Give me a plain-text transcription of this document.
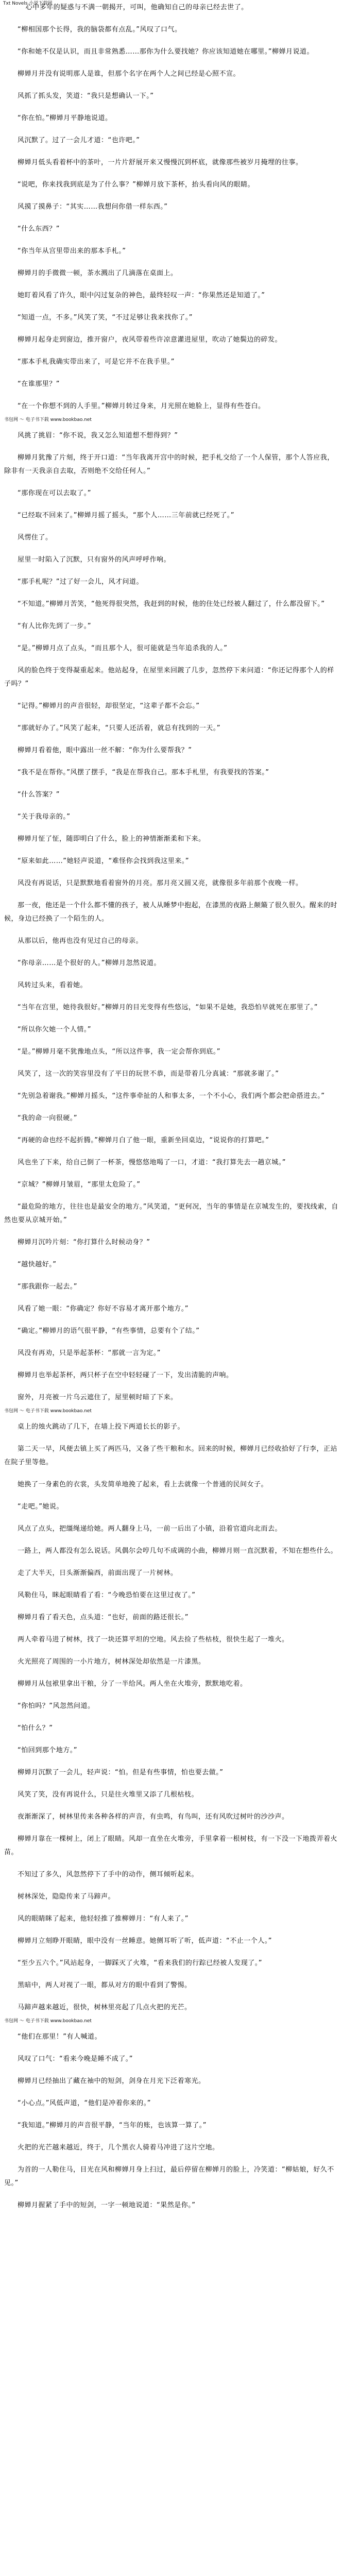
Txt Novels 小说下载网

心中多年的疑惑与不满一朝揭开，可叫，他确知自己的母亲已经去世了。

“柳相国那个长得，我的脑袋都有点乱。”风叹了口气。

“你和她不仅是认识，而且非常熟悉……那你为什么要找她？你应该知道她在哪里。”柳婵月说道。

柳婵月并没有说明那人是谁，但那个名字在两个人之间已经是心照不宣。

风抓了抓头发，笑道：“我只是想确认一下。”

“你在怕。”柳婵月平静地说道。

风沉默了。过了一会儿才道：“也许吧。”

柳婵月低头看着杯中的茶叶，一片片舒展开来又慢慢沉到杯底，就像那些被岁月掩埋的往事。

“说吧，你来找我到底是为了什么事？”柳婵月放下茶杯，抬头看向风的眼睛。

风摸了摸鼻子：“其实……我想问你借一样东西。”

“什么东西？”

“你当年从宫里带出来的那本手札。”

柳婵月的手微微一顿，茶水溅出了几滴落在桌面上。

她盯着风看了许久，眼中闪过复杂的神色，最终轻叹一声：“你果然还是知道了。”

“知道一点，不多。”风笑了笑，“不过足够让我来找你了。”

柳婵月起身走到窗边，推开窗户，夜风带着些许凉意灌进屋里，吹动了她鬓边的碎发。

“那本手札我确实带出来了，可是它并不在我手里。”

“在谁那里？”

“在一个你想不到的人手里。”柳婵月转过身来，月光照在她脸上，显得有些苍白。

书包网 ～ 电子书下载 www.bookbao.net

风挑了挑眉：“你不说，我又怎么知道想不想得到？”

柳婵月犹豫了片刻，终于开口道：“当年我离开宫中的时候，把手札交给了一个人保管，那个人答应我，除非有一天我亲自去取，否则绝不交给任何人。”

“那你现在可以去取了。”

“已经取不回来了。”柳婵月摇了摇头，“那个人……三年前就已经死了。”

风愣住了。

屋里一时陷入了沉默，只有窗外的风声呼呼作响。

“那手札呢？”过了好一会儿，风才问道。

“不知道。”柳婵月苦笑，“他死得很突然，我赶到的时候，他的住处已经被人翻过了，什么都没留下。”

“有人比你先到了一步。”

“是。”柳婵月点了点头，“而且那个人，很可能就是当年追杀我的人。”

风的脸色终于变得凝重起来。他站起身，在屋里来回踱了几步，忽然停下来问道：“你还记得那个人的样子吗？”

“记得。”柳婵月的声音很轻，却很坚定，“这辈子都不会忘。”

“那就好办了。”风笑了起来，“只要人还活着，就总有找到的一天。”

柳婵月看着他，眼中露出一丝不解：“你为什么要帮我？”

“我不是在帮你。”风摆了摆手，“我是在帮我自己。那本手札里，有我要找的答案。”

“什么答案？”

“关于我母亲的。”

柳婵月怔了怔，随即明白了什么，脸上的神情渐渐柔和下来。

“原来如此……”她轻声说道，“难怪你会找到我这里来。”

风没有再说话，只是默默地看着窗外的月亮。那月亮又圆又亮，就像很多年前那个夜晚一样。

那一夜，他还是一个什么都不懂的孩子，被人从睡梦中抱起，在漆黑的夜路上颠簸了很久很久。醒来的时候，身边已经换了一个陌生的人。

从那以后，他再也没有见过自己的母亲。

“你母亲……是个很好的人。”柳婵月忽然说道。

风转过头来，看着她。

“当年在宫里，她待我很好。”柳婵月的目光变得有些悠远，“如果不是她，我恐怕早就死在那里了。”

“所以你欠她一个人情。”

“是。”柳婵月毫不犹豫地点头，“所以这件事，我一定会帮你到底。”

风笑了，这一次的笑容里没有了平日的玩世不恭，而是带着几分真诚：“那就多谢了。”

“先别急着谢我。”柳婵月摇头，“这件事牵扯的人和事太多，一个不小心，我们两个都会把命搭进去。”

“我的命一向很硬。”

“再硬的命也经不起折腾。”柳婵月白了他一眼，重新坐回桌边，“说说你的打算吧。”

风也坐了下来，给自己倒了一杯茶，慢悠悠地喝了一口，才道：“我打算先去一趟京城。”

“京城？”柳婵月皱眉，“那里太危险了。”

“最危险的地方，往往也是最安全的地方。”风笑道，“更何况，当年的事情是在京城发生的，要找线索，自然也要从京城开始。”

柳婵月沉吟片刻：“你打算什么时候动身？”

“越快越好。”

“那我跟你一起去。”

风看了她一眼：“你确定？你好不容易才离开那个地方。”

“确定。”柳婵月的语气很平静，“有些事情，总要有个了结。”

风没有再劝，只是举起茶杯：“那就一言为定。”

柳婵月也举起茶杯，两只杯子在空中轻轻碰了一下，发出清脆的声响。

窗外，月亮被一片乌云遮住了，屋里顿时暗了下来。

书包网 ～ 电子书下载 www.bookbao.net

桌上的烛火跳动了几下，在墙上投下两道长长的影子。

第二天一早，风便去镇上买了两匹马，又备了些干粮和水。回来的时候，柳婵月已经收拾好了行李，正站在院子里等他。

她换了一身素色的衣裳，头发简单地挽了起来，看上去就像一个普通的民间女子。

“走吧。”她说。

风点了点头，把缰绳递给她。两人翻身上马，一前一后出了小镇，沿着官道向北而去。

一路上，两人都没有怎么说话。风偶尔会哼几句不成调的小曲，柳婵月则一直沉默着，不知在想些什么。

走了大半天，日头渐渐偏西，前面出现了一片树林。

风勒住马，眯起眼睛看了看：“今晚恐怕要在这里过夜了。”

柳婵月看了看天色，点头道：“也好，前面的路还很长。”

两人牵着马进了树林，找了一块还算平坦的空地。风去捡了些枯枝，很快生起了一堆火。

火光照亮了周围的一小片地方，树林深处却依然是一片漆黑。

柳婵月从包袱里拿出干粮，分了一半给风。两人坐在火堆旁，默默地吃着。

“你怕吗？”风忽然问道。

“怕什么？”

“怕回到那个地方。”

柳婵月沉默了一会儿，轻声说：“怕。但是有些事情，怕也要去做。”

风笑了笑，没有再说什么，只是往火堆里又添了几根枯枝。

夜渐渐深了，树林里传来各种各样的声音，有虫鸣，有鸟叫，还有风吹过树叶的沙沙声。

柳婵月靠在一棵树上，闭上了眼睛。风却一直坐在火堆旁，手里拿着一根树枝，有一下没一下地拨弄着火苗。

不知过了多久，风忽然停下了手中的动作，侧耳倾听起来。

树林深处，隐隐传来了马蹄声。

风的眼睛眯了起来，他轻轻推了推柳婵月：“有人来了。”

柳婵月立刻睁开眼睛，眼中没有一丝睡意。她侧耳听了听，低声道：“不止一个人。”

“至少五六个。”风站起身，一脚踩灭了火堆，“看来我们的行踪已经被人发现了。”

黑暗中，两人对视了一眼，都从对方的眼中看到了警惕。

马蹄声越来越近，很快，树林里亮起了几点火把的光芒。

书包网 ～ 电子书下载 www.bookbao.net

“他们在那里！”有人喊道。

风叹了口气：“看来今晚是睡不成了。”

柳婵月已经抽出了藏在袖中的短剑，剑身在月光下泛着寒光。

“小心点。”风低声道，“他们是冲着你来的。”

“我知道。”柳婵月的声音很平静，“当年的账，也该算一算了。”

火把的光芒越来越近，终于，几个黑衣人骑着马冲进了这片空地。

为首的一人勒住马，目光在风和柳婵月身上扫过，最后停留在柳婵月的脸上，冷笑道：“柳姑娘，好久不见。”

柳婵月握紧了手中的短剑，一字一顿地说道：“果然是你。”
